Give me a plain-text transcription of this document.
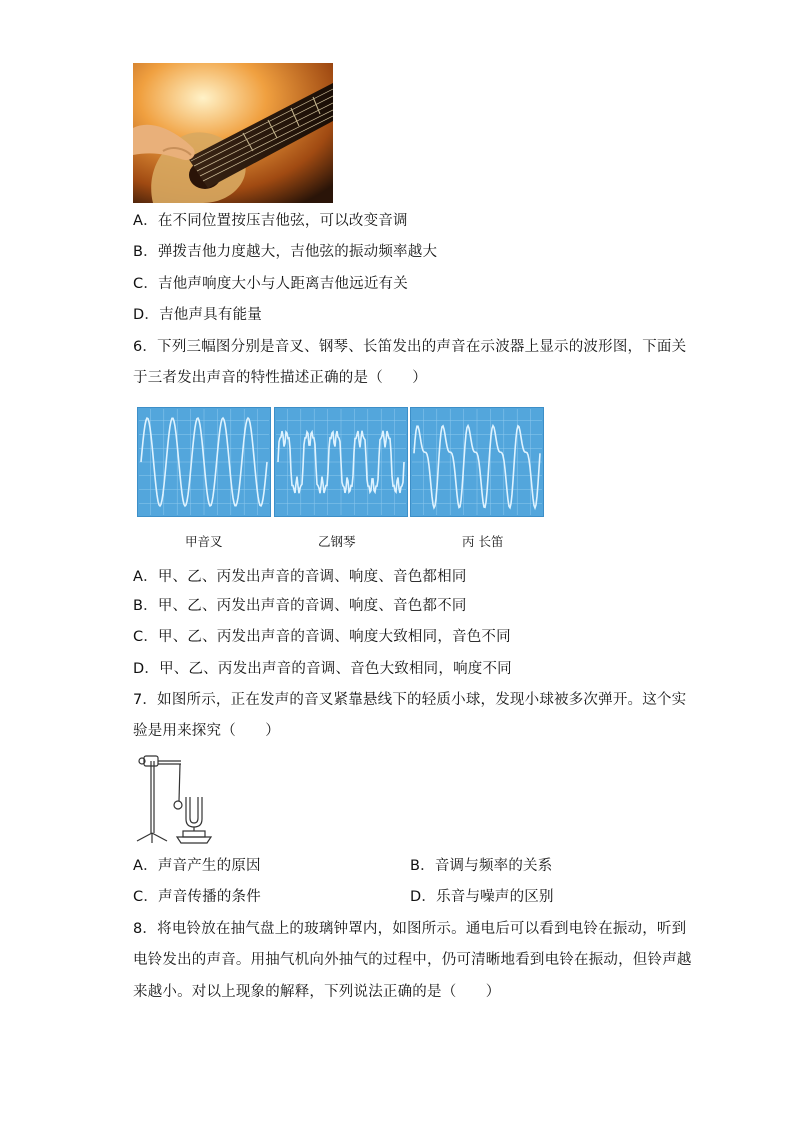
A．在不同位置按压吉他弦，可以改变音调
B．弹拨吉他力度越大，吉他弦的振动频率越大
C．吉他声响度大小与人距离吉他远近有关
D．吉他声具有能量
6．下列三幅图分别是音叉、钢琴、长笛发出的声音在示波器上显示的波形图，下面关
于三者发出声音的特性描述正确的是（　　）
甲音叉	乙钢琴	丙 长笛
A．甲、乙、丙发出声音的音调、响度、音色都相同
B．甲、乙、丙发出声音的音调、响度、音色都不同
C．甲、乙、丙发出声音的音调、响度大致相同，音色不同
D．甲、乙、丙发出声音的音调、音色大致相同，响度不同
7．如图所示，正在发声的音叉紧靠悬线下的轻质小球，发现小球被多次弹开。这个实
验是用来探究（　　）
A．声音产生的原因	B．音调与频率的关系
C．声音传播的条件	D．乐音与噪声的区别
8．将电铃放在抽气盘上的玻璃钟罩内，如图所示。通电后可以看到电铃在振动，听到
电铃发出的声音。用抽气机向外抽气的过程中，仍可清晰地看到电铃在振动，但铃声越
来越小。对以上现象的解释，下列说法正确的是（　　）
